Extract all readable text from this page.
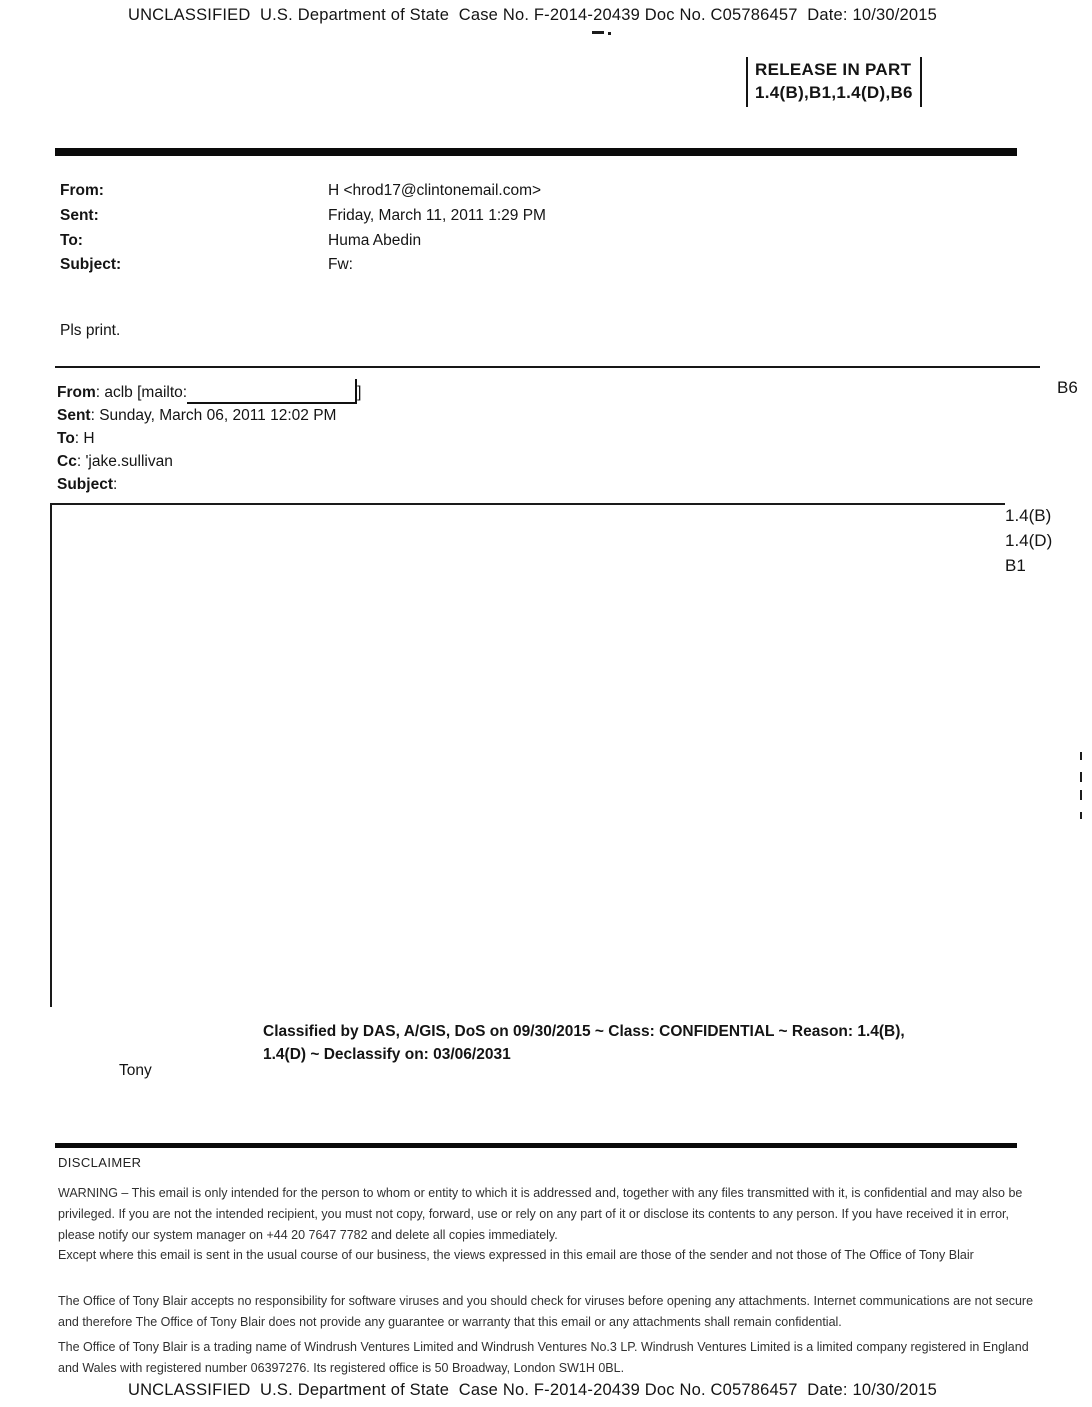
UNCLASSIFIED  U.S. Department of State  Case No. F-2014-20439 Doc No. C05786457  Date: 10/30/2015
RELEASE IN PART
1.4(B),B1,1.4(D),B6
From:	H <hrod17@clintonemail.com>
Sent:	Friday, March 11, 2011 1:29 PM
To:	Huma Abedin
Subject:	Fw:
Pls print.
From: aclb [mailto:	]
Sent: Sunday, March 06, 2011 12:02 PM
To: H
Cc: 'jake.sullivan
Subject:
B6
1.4(B)
1.4(D)
B1
Classified by DAS, A/GIS, DoS on 09/30/2015 ~ Class: CONFIDENTIAL ~ Reason: 1.4(B),
1.4(D) ~ Declassify on: 03/06/2031
Tony
DISCLAIMER
WARNING – This email is only intended for the person to whom or entity to which it is addressed and, together with any files transmitted with it, is confidential and may also be privileged. If you are not the intended recipient, you must not copy, forward, use or rely on any part of it or disclose its contents to any person. If you have received it in error, please notify our system manager on +44 20 7647 7782 and delete all copies immediately.
Except where this email is sent in the usual course of our business, the views expressed in this email are those of the sender and not those of The Office of Tony Blair
The Office of Tony Blair accepts no responsibility for software viruses and you should check for viruses before opening any attachments. Internet communications are not secure and therefore The Office of Tony Blair does not provide any guarantee or warranty that this email or any attachments shall remain confidential.
The Office of Tony Blair is a trading name of Windrush Ventures Limited and Windrush Ventures No.3 LP. Windrush Ventures Limited is a limited company registered in England and Wales with registered number 06397276. Its registered office is 50 Broadway, London SW1H 0BL.
UNCLASSIFIED  U.S. Department of State  Case No. F-2014-20439 Doc No. C05786457  Date: 10/30/2015
